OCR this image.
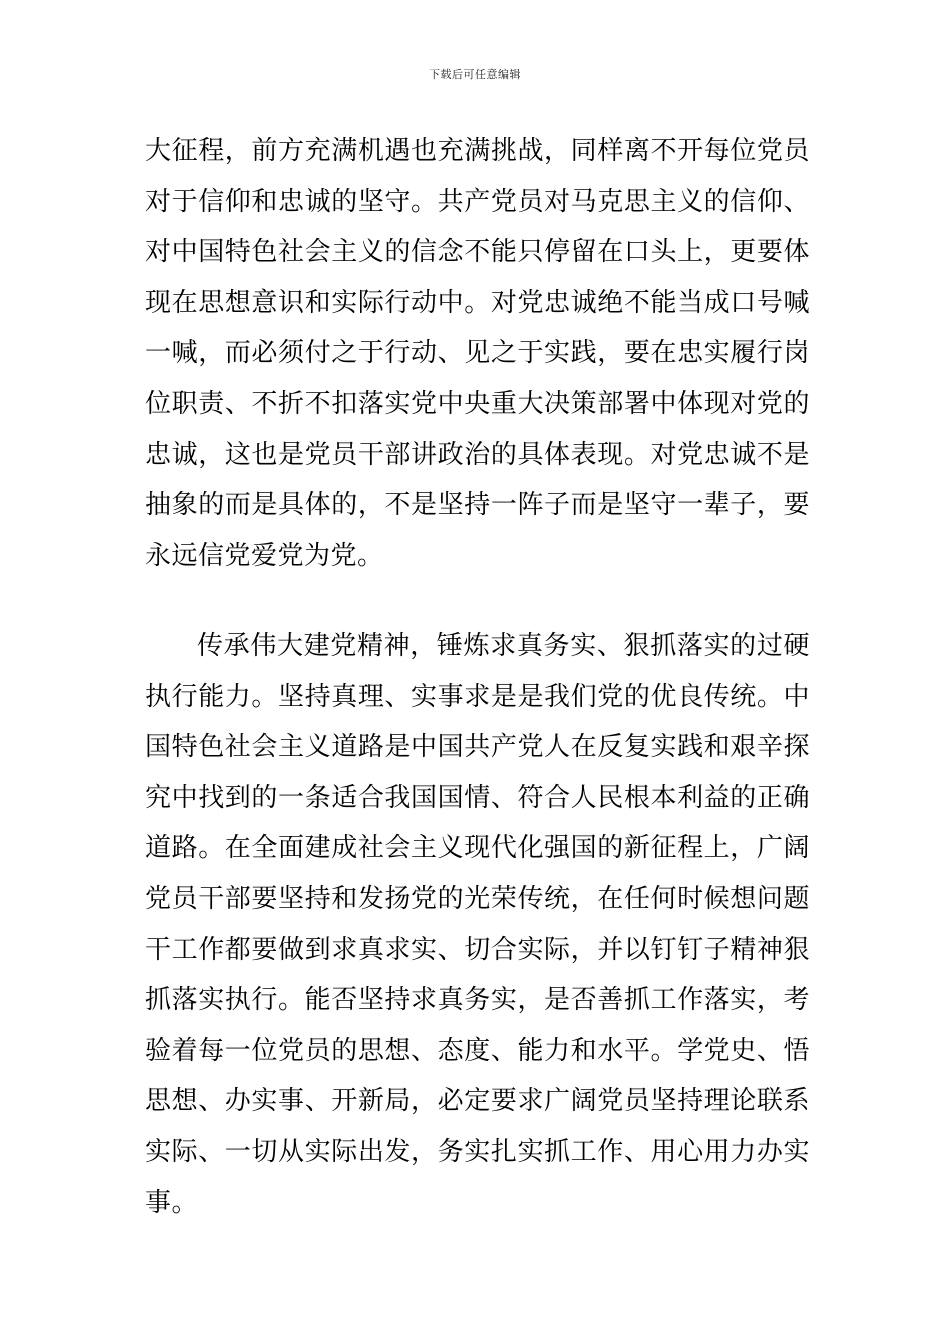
下载后可任意编辑

大征程，前方充满机遇也充满挑战，同样离不开每位党员对于信仰和忠诚的坚守。共产党员对马克思主义的信仰、对中国特色社会主义的信念不能只停留在口头上，更要体现在思想意识和实际行动中。对党忠诚绝不能当成口号喊一喊，而必须付之于行动、见之于实践，要在忠实履行岗位职责、不折不扣落实党中央重大决策部署中体现对党的忠诚，这也是党员干部讲政治的具体表现。对党忠诚不是抽象的而是具体的，不是坚持一阵子而是坚守一辈子，要永远信党爱党为党。

传承伟大建党精神，锤炼求真务实、狠抓落实的过硬执行能力。坚持真理、实事求是是我们党的优良传统。中国特色社会主义道路是中国共产党人在反复实践和艰辛探究中找到的一条适合我国国情、符合人民根本利益的正确道路。在全面建成社会主义现代化强国的新征程上，广阔党员干部要坚持和发扬党的光荣传统，在任何时候想问题干工作都要做到求真求实、切合实际，并以钉钉子精神狠抓落实执行。能否坚持求真务实，是否善抓工作落实，考验着每一位党员的思想、态度、能力和水平。学党史、悟思想、办实事、开新局，必定要求广阔党员坚持理论联系实际、一切从实际出发，务实扎实抓工作、用心用力办实事。
